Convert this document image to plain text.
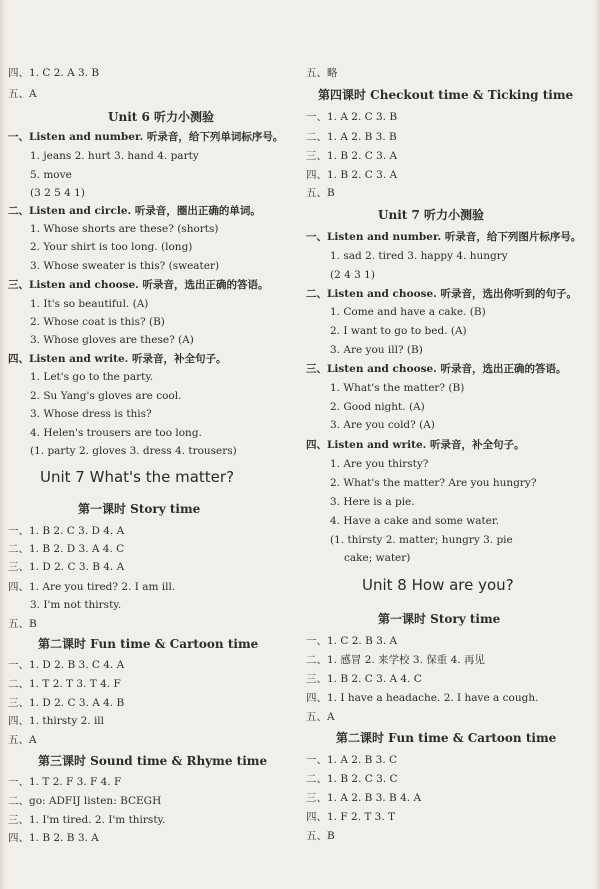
四、1. C 2. A 3. B
五、A
Unit 6 听力小测验
一、Listen and number. 听录音，给下列单词标序号。
1. jeans 2. hurt 3. hand 4. party
5. move
(3 2 5 4 1)
二、Listen and circle. 听录音，圈出正确的单词。
1. Whose shorts are these? (shorts)
2. Your shirt is too long. (long)
3. Whose sweater is this? (sweater)
三、Listen and choose. 听录音，选出正确的答语。
1. It's so beautiful. (A)
2. Whose coat is this? (B)
3. Whose gloves are these? (A)
四、Listen and write. 听录音，补全句子。
1. Let's go to the party.
2. Su Yang's gloves are cool.
3. Whose dress is this?
4. Helen's trousers are too long.
(1. party 2. gloves 3. dress 4. trousers)
Unit 7 What's the matter?
第一课时 Story time
一、1. B 2. C 3. D 4. A
二、1. B 2. D 3. A 4. C
三、1. D 2. C 3. B 4. A
四、1. Are you tired? 2. I am ill.
3. I'm not thirsty.
五、B
第二课时 Fun time & Cartoon time
一、1. D 2. B 3. C 4. A
二、1. T 2. T 3. T 4. F
三、1. D 2. C 3. A 4. B
四、1. thirsty 2. ill
五、A
第三课时 Sound time & Rhyme time
一、1. T 2. F 3. F 4. F
二、go: ADFIJ listen: BCEGH
三、1. I'm tired. 2. I'm thirsty.
四、1. B 2. B 3. A
五、略
第四课时 Checkout time & Ticking time
一、1. A 2. C 3. B
二、1. A 2. B 3. B
三、1. B 2. C 3. A
四、1. B 2. C 3. A
五、B
Unit 7 听力小测验
一、Listen and number. 听录音，给下列图片标序号。
1. sad 2. tired 3. happy 4. hungry
(2 4 3 1)
二、Listen and choose. 听录音，选出你听到的句子。
1. Come and have a cake. (B)
2. I want to go to bed. (A)
3. Are you ill? (B)
三、Listen and choose. 听录音，选出正确的答语。
1. What's the matter? (B)
2. Good night. (A)
3. Are you cold? (A)
四、Listen and write. 听录音，补全句子。
1. Are you thirsty?
2. What's the matter? Are you hungry?
3. Here is a pie.
4. Have a cake and some water.
(1. thirsty 2. matter; hungry 3. pie
cake; water)
Unit 8 How are you?
第一课时 Story time
一、1. C 2. B 3. A
二、1. 感冒 2. 来学校 3. 保重 4. 再见
三、1. B 2. C 3. A 4. C
四、1. I have a headache. 2. I have a cough.
五、A
第二课时 Fun time & Cartoon time
一、1. A 2. B 3. C
二、1. B 2. C 3. C
三、1. A 2. B 3. B 4. A
四、1. F 2. T 3. T
五、B
